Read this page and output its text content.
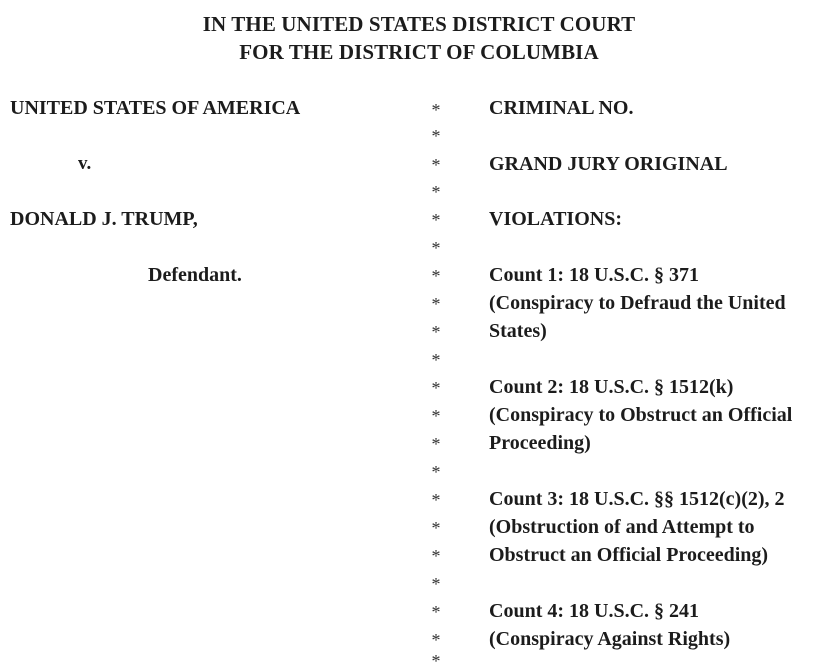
IN THE UNITED STATES DISTRICT COURT
FOR THE DISTRICT OF COLUMBIA
UNITED STATES OF AMERICA
v.
DONALD J. TRUMP,
Defendant.
*
*
*
*
*
*
*
*
*
*
*
*
*
*
*
*
*
*
*
*
*
CRIMINAL NO.
GRAND JURY ORIGINAL
VIOLATIONS:
Count 1: 18 U.S.C. § 371
(Conspiracy to Defraud the United
States)
Count 2: 18 U.S.C. § 1512(k)
(Conspiracy to Obstruct an Official
Proceeding)
Count 3: 18 U.S.C. §§ 1512(c)(2), 2
(Obstruction of and Attempt to
Obstruct an Official Proceeding)
Count 4: 18 U.S.C. § 241
(Conspiracy Against Rights)
